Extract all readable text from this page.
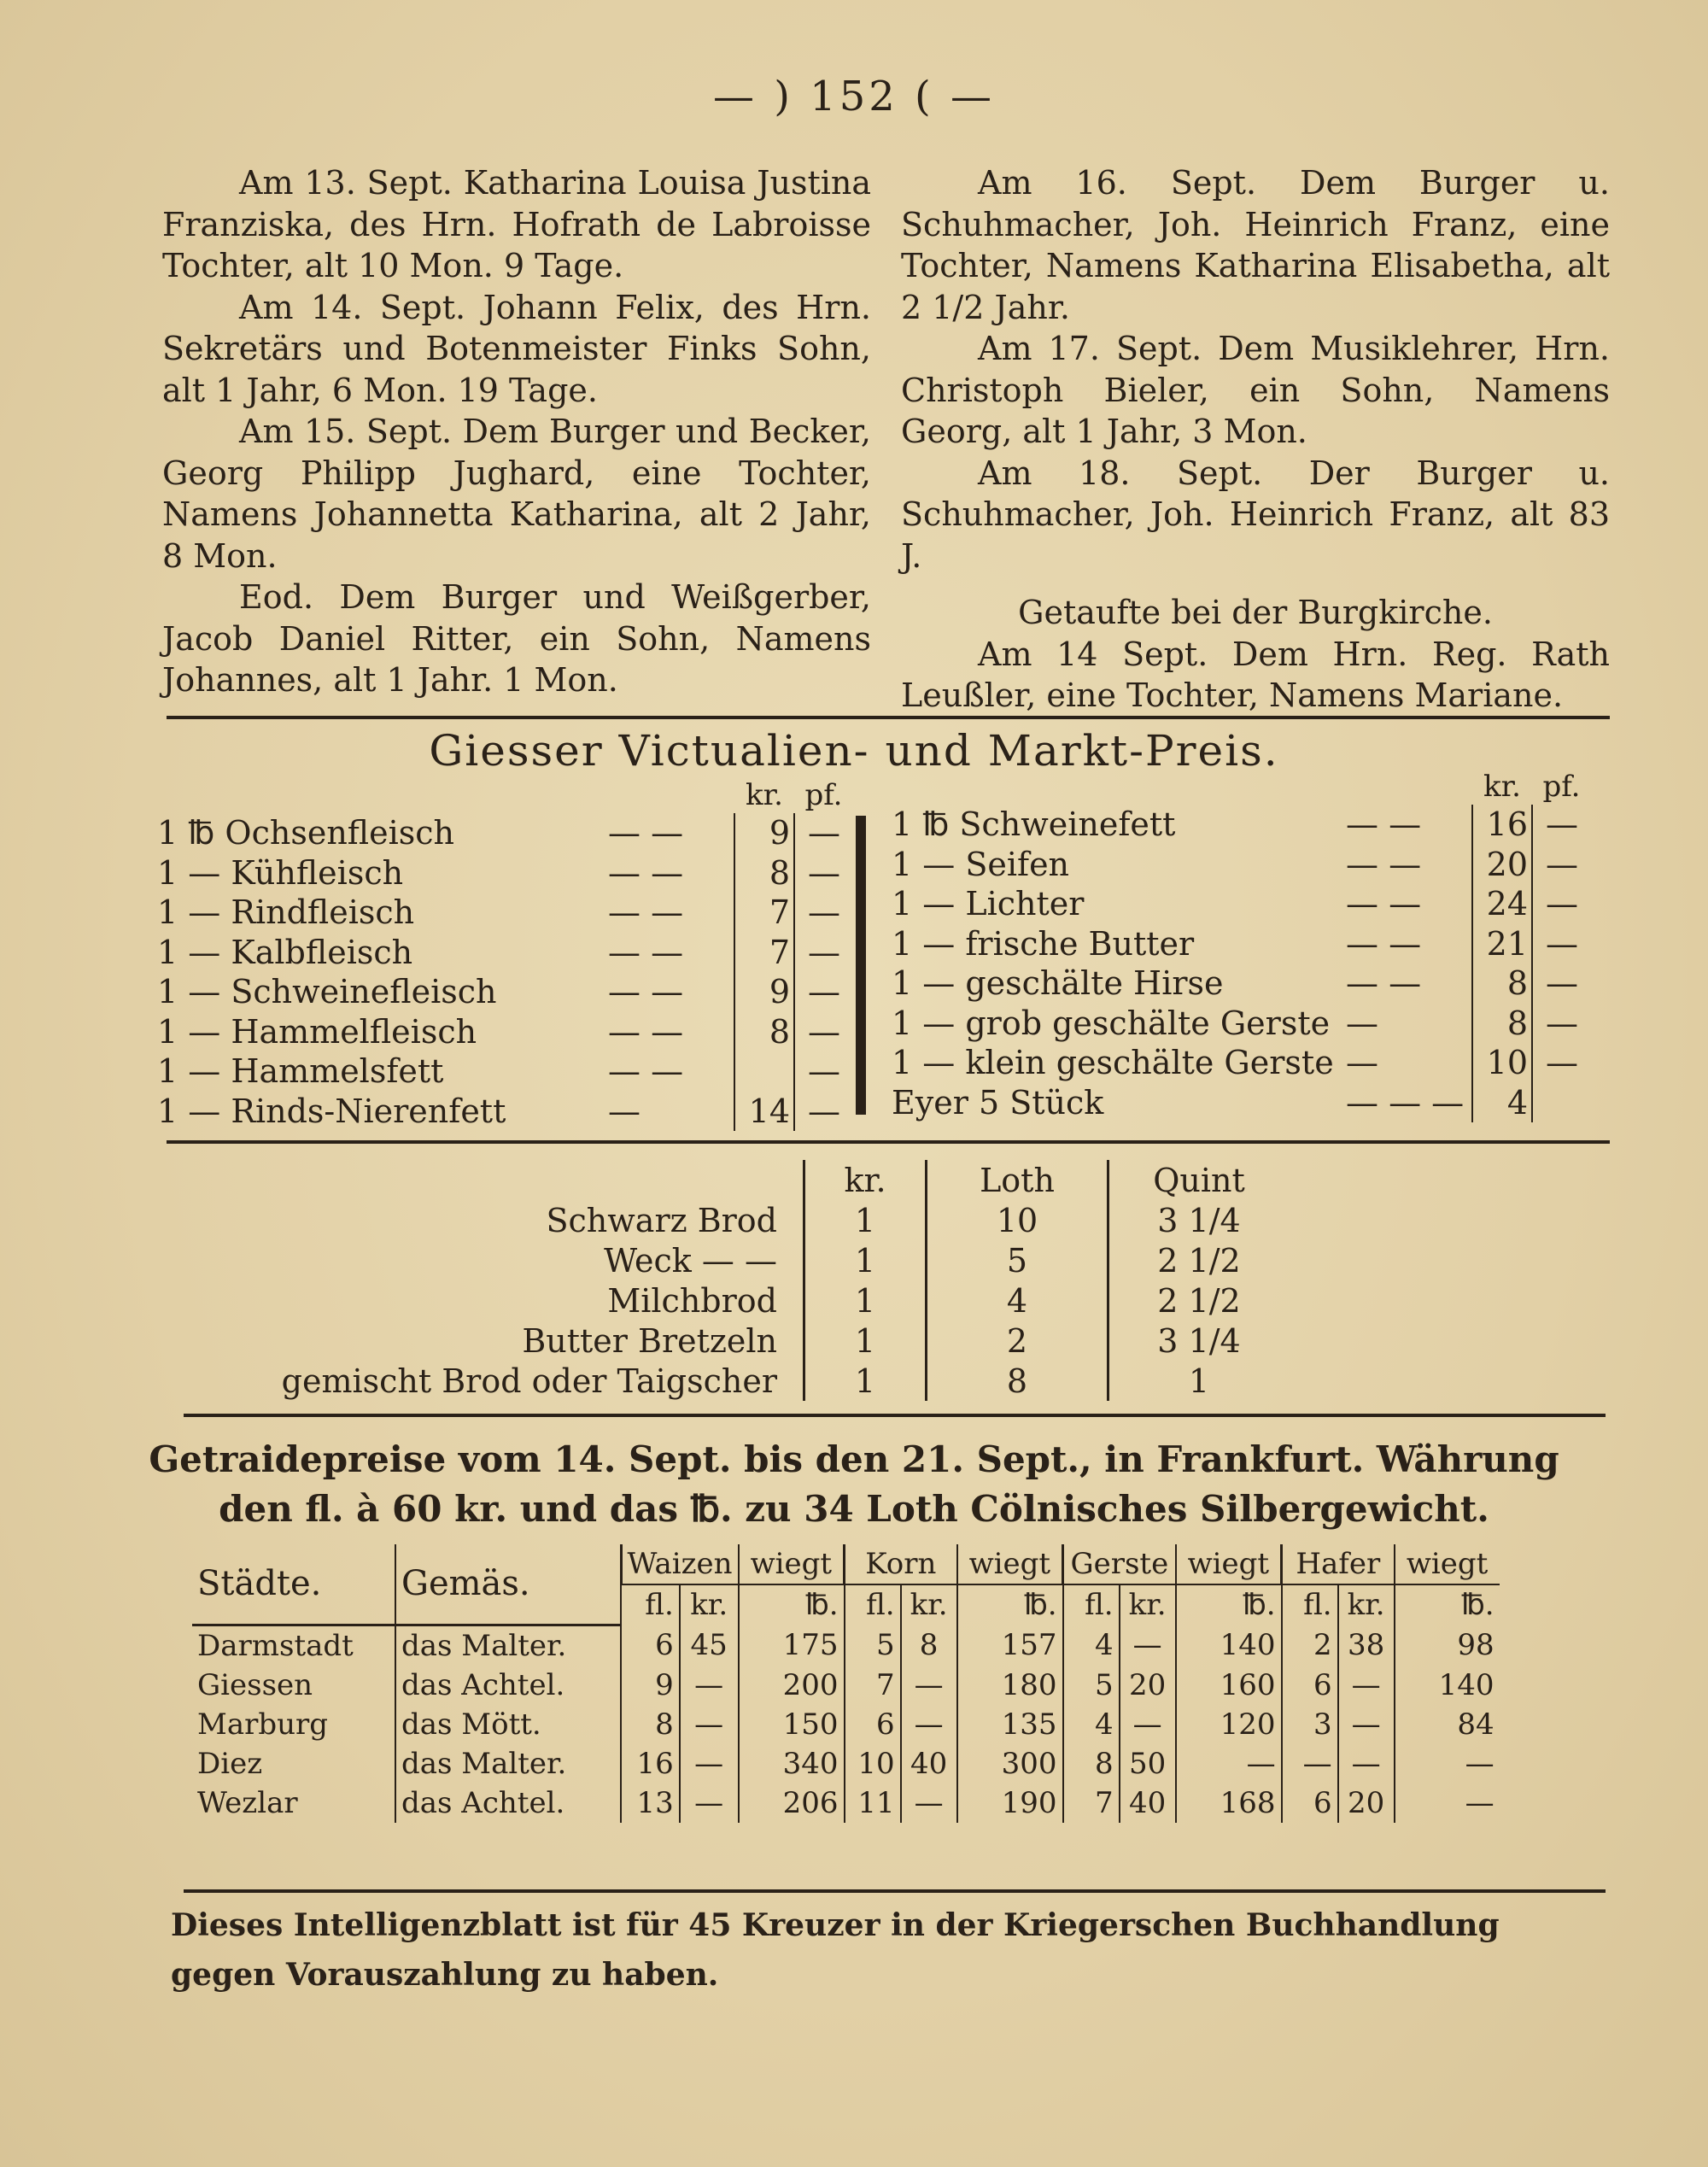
— ) 152 ( —

Am 13. Sept. Katharina Louisa Justina Franziska, des Hrn. Hofrath de Labroisse Tochter, alt 10 Mon. 9 Tage.

Am 14. Sept. Johann Felix, des Hrn. Sekretärs und Botenmeister Finks Sohn, alt 1 Jahr, 6 Mon. 19 Tage.

Am 15. Sept. Dem Burger und Becker, Georg Philipp Jughard, eine Tochter, Namens Johannetta Katharina, alt 2 Jahr, 8 Mon.

Eod. Dem Burger und Weißgerber, Jacob Daniel Ritter, ein Sohn, Namens Johannes, alt 1 Jahr. 1 Mon.

Am 16. Sept. Dem Burger u. Schuhmacher, Joh. Heinrich Franz, eine Tochter, Namens Katharina Elisabetha, alt 2 1/2 Jahr.

Am 17. Sept. Dem Musiklehrer, Hrn. Christoph Bieler, ein Sohn, Namens Georg, alt 1 Jahr, 3 Mon.

Am 18. Sept. Der Burger u. Schuhmacher, Joh. Heinrich Franz, alt 83 J.

Getaufte bei der Burgkirche.

Am 14 Sept. Dem Hrn. Reg. Rath Leußler, eine Tochter, Namens Mariane.

Giesser Victualien- und Markt-Preis.
		kr.	pf.
1 ℔ Ochsenfleisch	— —	9	—
1 — Kühfleisch	— —	8	—
1 — Rindfleisch	— —	7	—
1 — Kalbfleisch	— —	7	—
1 — Schweinefleisch	— —	9	—
1 — Hammelfleisch	— —	8	—
1 — Hammelsfett	— —		—
1 — Rinds-Nierenfett	—	14	—
		kr.	pf.
1 ℔ Schweinefett	— —	16	—
1 — Seifen	— —	20	—
1 — Lichter	— —	24	—
1 — frische Butter	— —	21	—
1 — geschälte Hirse	— —	8	—
1 — grob geschälte Gerste	—	8	—
1 — klein geschälte Gerste	—	10	—
Eyer 5 Stück	— — —	4	
	kr.	Loth	Quint
Schwarz Brod	1	10	3 1/4
Weck — —	1	5	2 1/2
Milchbrod	1	4	2 1/2
Butter Bretzeln	1	2	3 1/4
gemischt Brod oder Taigscher	1	8	1
Getraidepreise vom 14. Sept. bis den 21. Sept., in Frankfurt. Währung
den fl. à 60 kr. und das ℔. zu 34 Loth Cölnisches Silbergewicht.
Städte.	Gemäs.	Waizen		wiegt	Korn		wiegt	Gerste		wiegt	Hafer		wiegt
		fl.	kr.	℔.	fl.	kr.	℔.	fl.	kr.	℔.	fl.	kr.	℔.
Darmstadt	das Malter.	6	45	175	5	8	157	4	—	140	2	38	98
Giessen	das Achtel.	9	—	200	7	—	180	5	20	160	6	—	140
Marburg	das Mött.	8	—	150	6	—	135	4	—	120	3	—	84
Diez	das Malter.	16	—	340	10	40	300	8	50	—	—	—	—
Wezlar	das Achtel.	13	—	206	11	—	190	7	40	168	6	20	—
Dieses Intelligenzblatt ist für 45 Kreuzer in der Kriegerschen Buchhandlung gegen Vorauszahlung zu haben.
